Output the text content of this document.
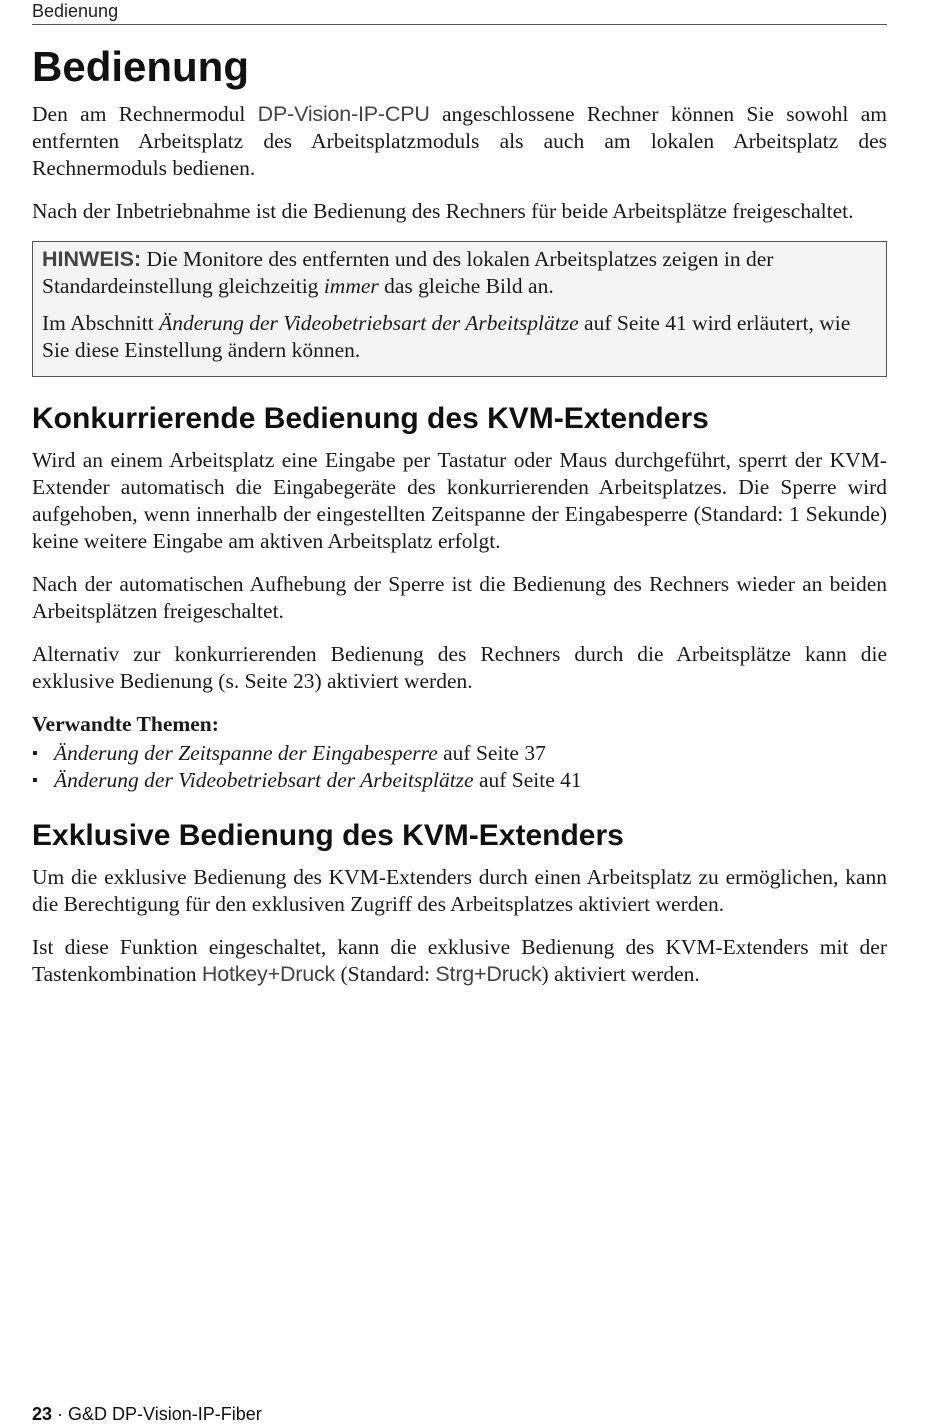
Bedienung
Bedienung

Den am Rechnermodul DP-Vision-IP-CPU angeschlossene Rechner können Sie sowohl am entfernten Arbeitsplatz des Arbeitsplatzmoduls als auch am lokalen Arbeitsplatz des Rechnermoduls bedienen.

Nach der Inbetriebnahme ist die Bedienung des Rechners für beide Arbeitsplätze freigeschaltet.

HINWEIS: Die Monitore des entfernten und des lokalen Arbeitsplatzes zeigen in der Standardeinstellung gleichzeitig immer das gleiche Bild an.

Im Abschnitt Änderung der Videobetriebsart der Arbeitsplätze auf Seite 41 wird erläutert, wie Sie diese Einstellung ändern können.

Konkurrierende Bedienung des KVM-Extenders

Wird an einem Arbeitsplatz eine Eingabe per Tastatur oder Maus durchgeführt, sperrt der KVM-Extender automatisch die Eingabegeräte des konkurrierenden Arbeitsplatzes. Die Sperre wird aufgehoben, wenn innerhalb der eingestellten Zeitspanne der Eingabesperre (Standard: 1 Sekunde) keine weitere Eingabe am aktiven Arbeitsplatz erfolgt.

Nach der automatischen Aufhebung der Sperre ist die Bedienung des Rechners wieder an beiden Arbeitsplätzen freigeschaltet.

Alternativ zur konkurrierenden Bedienung des Rechners durch die Arbeitsplätze kann die exklusive Bedienung (s. Seite 23) aktiviert werden.

Verwandte Themen:
▪ Änderung der Zeitspanne der Eingabesperre auf Seite 37
▪ Änderung der Videobetriebsart der Arbeitsplätze auf Seite 41
Exklusive Bedienung des KVM-Extenders

Um die exklusive Bedienung des KVM-Extenders durch einen Arbeitsplatz zu ermöglichen, kann die Berechtigung für den exklusiven Zugriff des Arbeitsplatzes aktiviert werden.

Ist diese Funktion eingeschaltet, kann die exklusive Bedienung des KVM-Extenders mit der Tastenkombination Hotkey+Druck (Standard: Strg+Druck) aktiviert werden.

23 · G&D DP-Vision-IP-Fiber
